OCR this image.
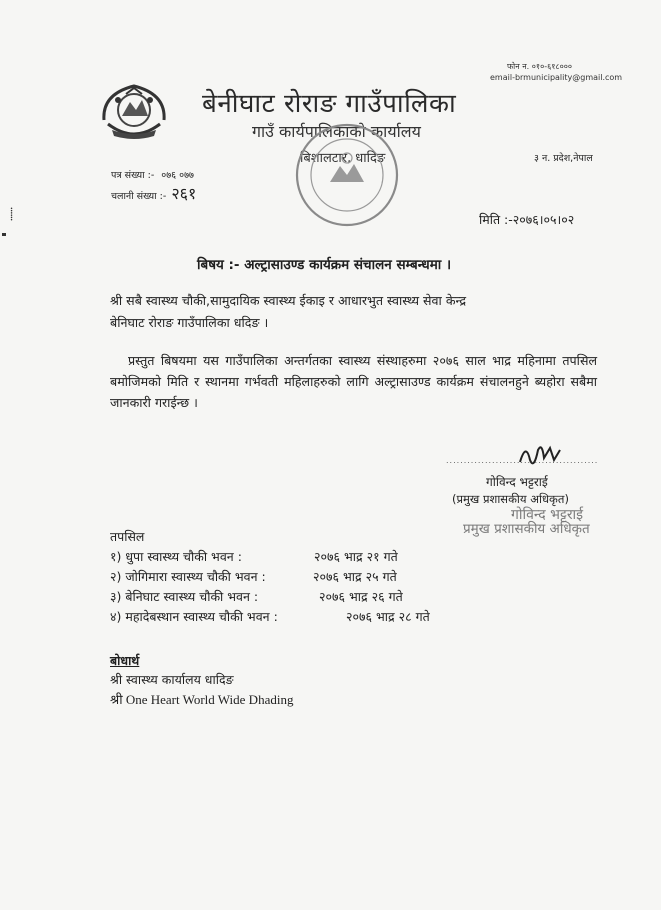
फोन न. ०१०-६१८०००
email-brmunicipality@gmail.com
बेनीघाट रोराङ गाउँपालिका
गाउँ कार्यपालिकाको कार्यालय
बिशालटार, धादिङ	३ न. प्रदेश,नेपाल
पत्र संख्या :- ०७६ ०७७
चलानी संख्या :- २६१
⸽	मिति :-२०७६।०५।०२
बिषय :- अल्ट्रासाउण्ड कार्यक्रम संचालन सम्बन्धमा ।
श्री सबै स्वास्थ्य चौकी,सामुदायिक स्वास्थ्य ईकाइ र आधारभुत स्वास्थ्य सेवा केन्द्र
बेनिघाट रोराङ गाउँपालिका धदिङ ।
प्रस्तुत बिषयमा यस गाउँपालिका अन्तर्गतका स्वास्थ्य संस्थाहरुमा २०७६ साल भाद्र महिनामा तपसिल बमोजिमको मिति र स्थानमा गर्भवती महिलाहरुको लागि अल्ट्रासाउण्ड कार्यक्रम संचालनहुने ब्यहोरा सबैमा जानकारी गराईन्छ ।
...........................................
गोविन्द भट्टराई
(प्रमुख प्रशासकीय अधिकृत)
गोविन्द भट्टराई
प्रमुख प्रशासकीय अधिकृत
तपसिल
१) धुपा स्वास्थ्य चौकी भवन :	२०७६ भाद्र २१ गते
२) जोगिमारा स्वास्थ्य चौकी भवन :	२०७६ भाद्र २५ गते
३) बेनिघाट स्वास्थ्य चौकी भवन :	२०७६ भाद्र २६ गते
४) महादेबस्थान स्वास्थ्य चौकी भवन :	२०७६ भाद्र २८ गते
बोधार्थ
श्री स्वास्थ्य कार्यालय धादिङ
श्री One Heart World Wide Dhading
